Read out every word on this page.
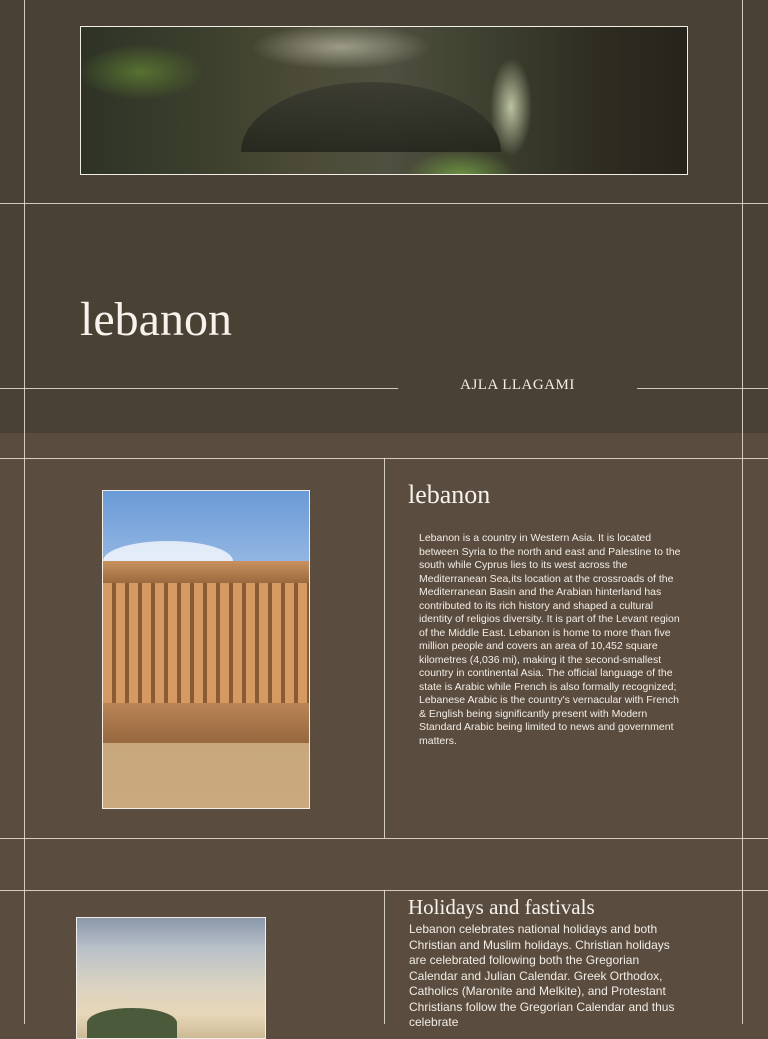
lebanon
AJLA LLAGAMI
lebanon

Lebanon is a country in Western Asia. It is located between Syria to the north and east and Palestine to the south while Cyprus lies to its west across the Mediterranean Sea,its location at the crossroads of the Mediterranean Basin and the Arabian hinterland has contributed to its rich history and shaped a cultural identity of religios diversity. It is part of the Levant region of the Middle East. Lebanon is home to more than five million people and covers an area of 10,452 square kilometres (4,036 mi), making it the second-smallest country in continental Asia. The official language of the state is Arabic while French is also formally recognized; Lebanese Arabic is the country's vernacular with French & English being significantly present with Modern Standard Arabic being limited to news and government matters.

Holidays and fastivals

Lebanon celebrates national holidays and both Christian and Muslim holidays. Christian holidays are celebrated following both the Gregorian Calendar and Julian Calendar. Greek Orthodox, Catholics (Maronite and Melkite), and Protestant Christians follow the Gregorian Calendar and thus celebrate
